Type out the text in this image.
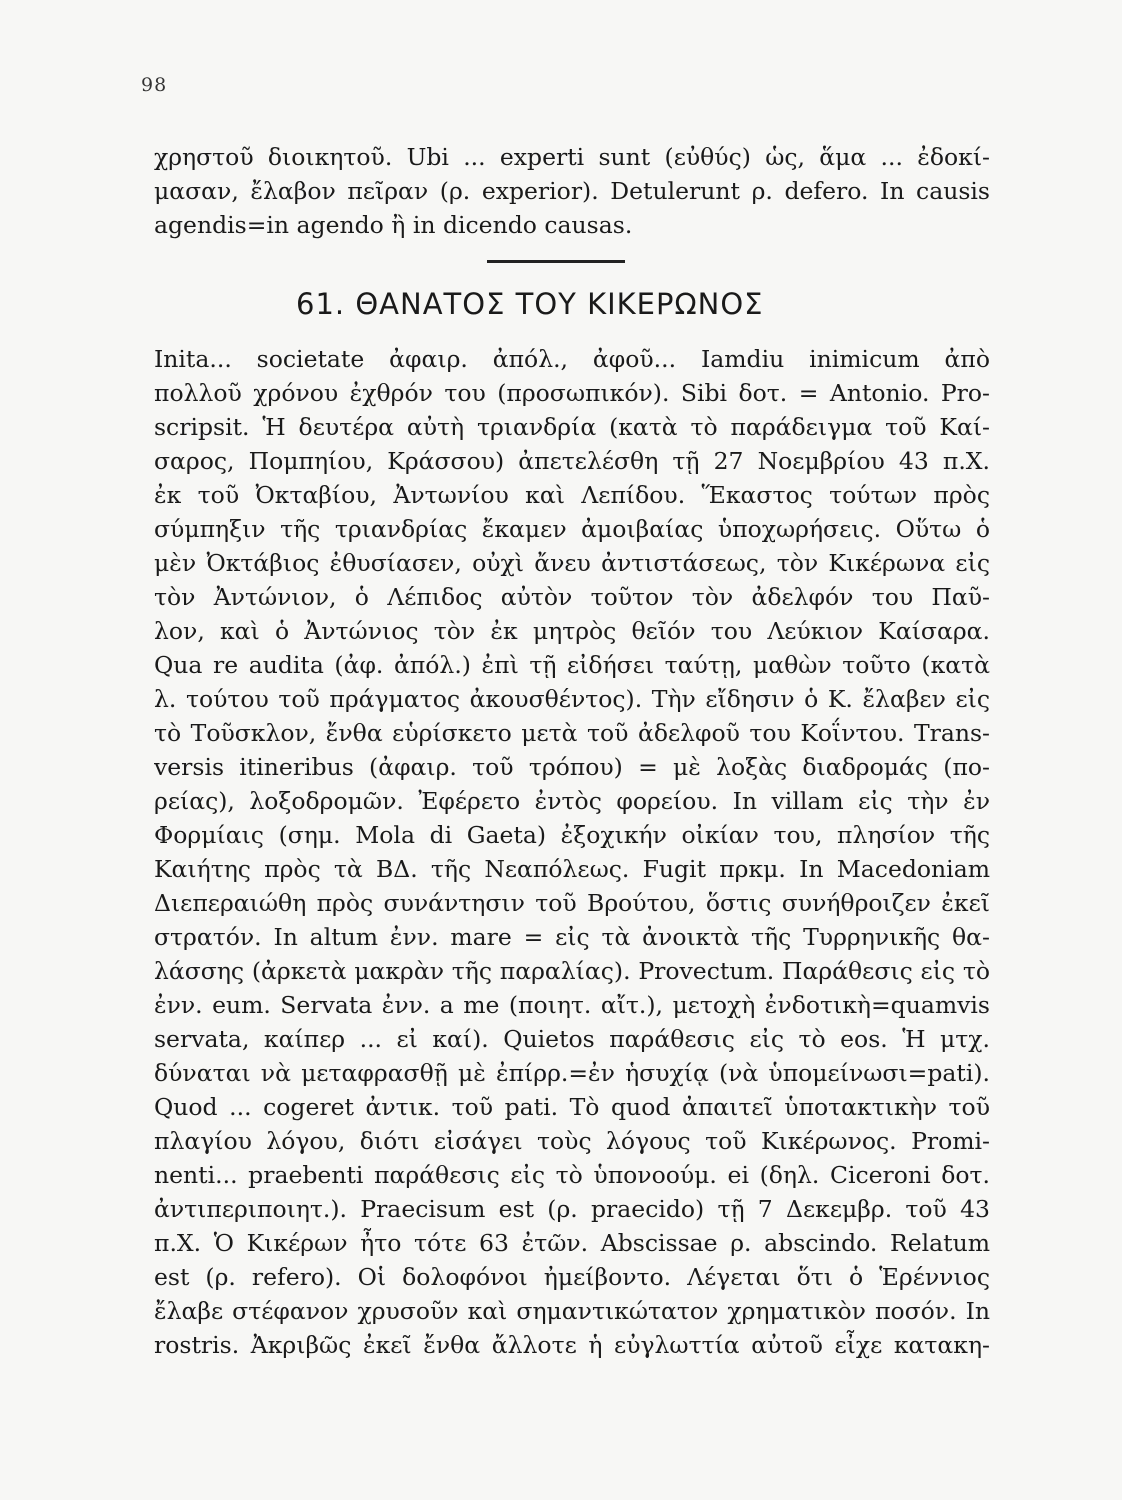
98
χρηστοῦ διοικητοῦ. Ubi ... experti sunt (εὐθύς) ὡς, ἅμα ... ἐδοκί-
μασαν, ἔλαβον πεῖραν (ρ. experior). Detulerunt ρ. defero. In causis
agendis=in agendo ἢ in dicendo causas.
61. ΘΑΝΑΤΟΣ ΤΟΥ ΚΙΚΕΡΩΝΟΣ
Inita... societate ἀφαιρ. ἀπόλ., ἀφοῦ... Iamdiu inimicum ἀπὸ
πολλοῦ χρόνου ἐχθρόν του (προσωπικόν). Sibi δοτ. = Antonio. Pro-
scripsit. Ἡ δευτέρα αὐτὴ τριανδρία (κατὰ τὸ παράδειγμα τοῦ Καί-
σαρος, Πομπηίου, Κράσσου) ἀπετελέσθη τῇ 27 Νοεμβρίου 43 π.Χ.
ἐκ τοῦ Ὀκταβίου, Ἀντωνίου καὶ Λεπίδου. Ἕκαστος τούτων πρὸς
σύμπηξιν τῆς τριανδρίας ἔκαμεν ἀμοιβαίας ὑποχωρήσεις. Οὕτω ὁ
μὲν Ὀκτάβιος ἐθυσίασεν, οὐχὶ ἄνευ ἀντιστάσεως, τὸν Κικέρωνα εἰς
τὸν Ἀντώνιον, ὁ Λέπιδος αὐτὸν τοῦτον τὸν ἀδελφόν του Παῦ-
λον, καὶ ὁ Ἀντώνιος τὸν ἐκ μητρὸς θεῖόν του Λεύκιον Καίσαρα.
Qua re audita (ἀφ. ἀπόλ.) ἐπὶ τῇ εἰδήσει ταύτῃ, μαθὼν τοῦτο (κατὰ
λ. τούτου τοῦ πράγματος ἀκουσθέντος). Τὴν εἴδησιν ὁ Κ. ἔλαβεν εἰς
τὸ Τοῦσκλον, ἔνθα εὑρίσκετο μετὰ τοῦ ἀδελφοῦ του Κοΐντου. Trans-
versis itineribus (ἀφαιρ. τοῦ τρόπου) = μὲ λοξὰς διαδρομάς (πο-
ρείας), λοξοδρομῶν. Ἐφέρετο ἐντὸς φορείου. In villam εἰς τὴν ἐν
Φορμίαις (σημ. Mola di Gaeta) ἐξοχικήν οἰκίαν του, πλησίον τῆς
Καιήτης πρὸς τὰ ΒΔ. τῆς Νεαπόλεως. Fugit πρκμ. In Macedoniam
Διεπεραιώθη πρὸς συνάντησιν τοῦ Βρούτου, ὅστις συνήθροιζεν ἐκεῖ
στρατόν. In altum ἐνν. mare = εἰς τὰ ἀνοικτὰ τῆς Τυρρηνικῆς θα-
λάσσης (ἀρκετὰ μακρὰν τῆς παραλίας). Provectum. Παράθεσις εἰς τὸ
ἐνν. eum. Servata ἐνν. a me (ποιητ. αἴτ.), μετοχὴ ἐνδοτικὴ=quamvis
servata, καίπερ ... εἰ καί). Quietos παράθεσις εἰς τὸ eos. Ἡ μτχ.
δύναται νὰ μεταφρασθῇ μὲ ἐπίρρ.=ἐν ἡσυχίᾳ (νὰ ὑπομείνωσι=pati).
Quod ... cogeret ἀντικ. τοῦ pati. Τὸ quod ἀπαιτεῖ ὑποτακτικὴν τοῦ
πλαγίου λόγου, διότι εἰσάγει τοὺς λόγους τοῦ Κικέρωνος. Promi-
nenti... praebenti παράθεσις εἰς τὸ ὑπονοούμ. ei (δηλ. Ciceroni δοτ.
ἀντιπεριποιητ.). Praecisum est (ρ. praecido) τῇ 7 Δεκεμβρ. τοῦ 43
π.Χ. Ὁ Κικέρων ἦτο τότε 63 ἐτῶν. Abscissae ρ. abscindo. Relatum
est (ρ. refero). Οἱ δολοφόνοι ἠμείβοντο. Λέγεται ὅτι ὁ Ἑρέννιος
ἔλαβε στέφανον χρυσοῦν καὶ σημαντικώτατον χρηματικὸν ποσόν. In
rostris. Ἀκριβῶς ἐκεῖ ἔνθα ἄλλοτε ἡ εὐγλωττία αὐτοῦ εἶχε κατακη-
